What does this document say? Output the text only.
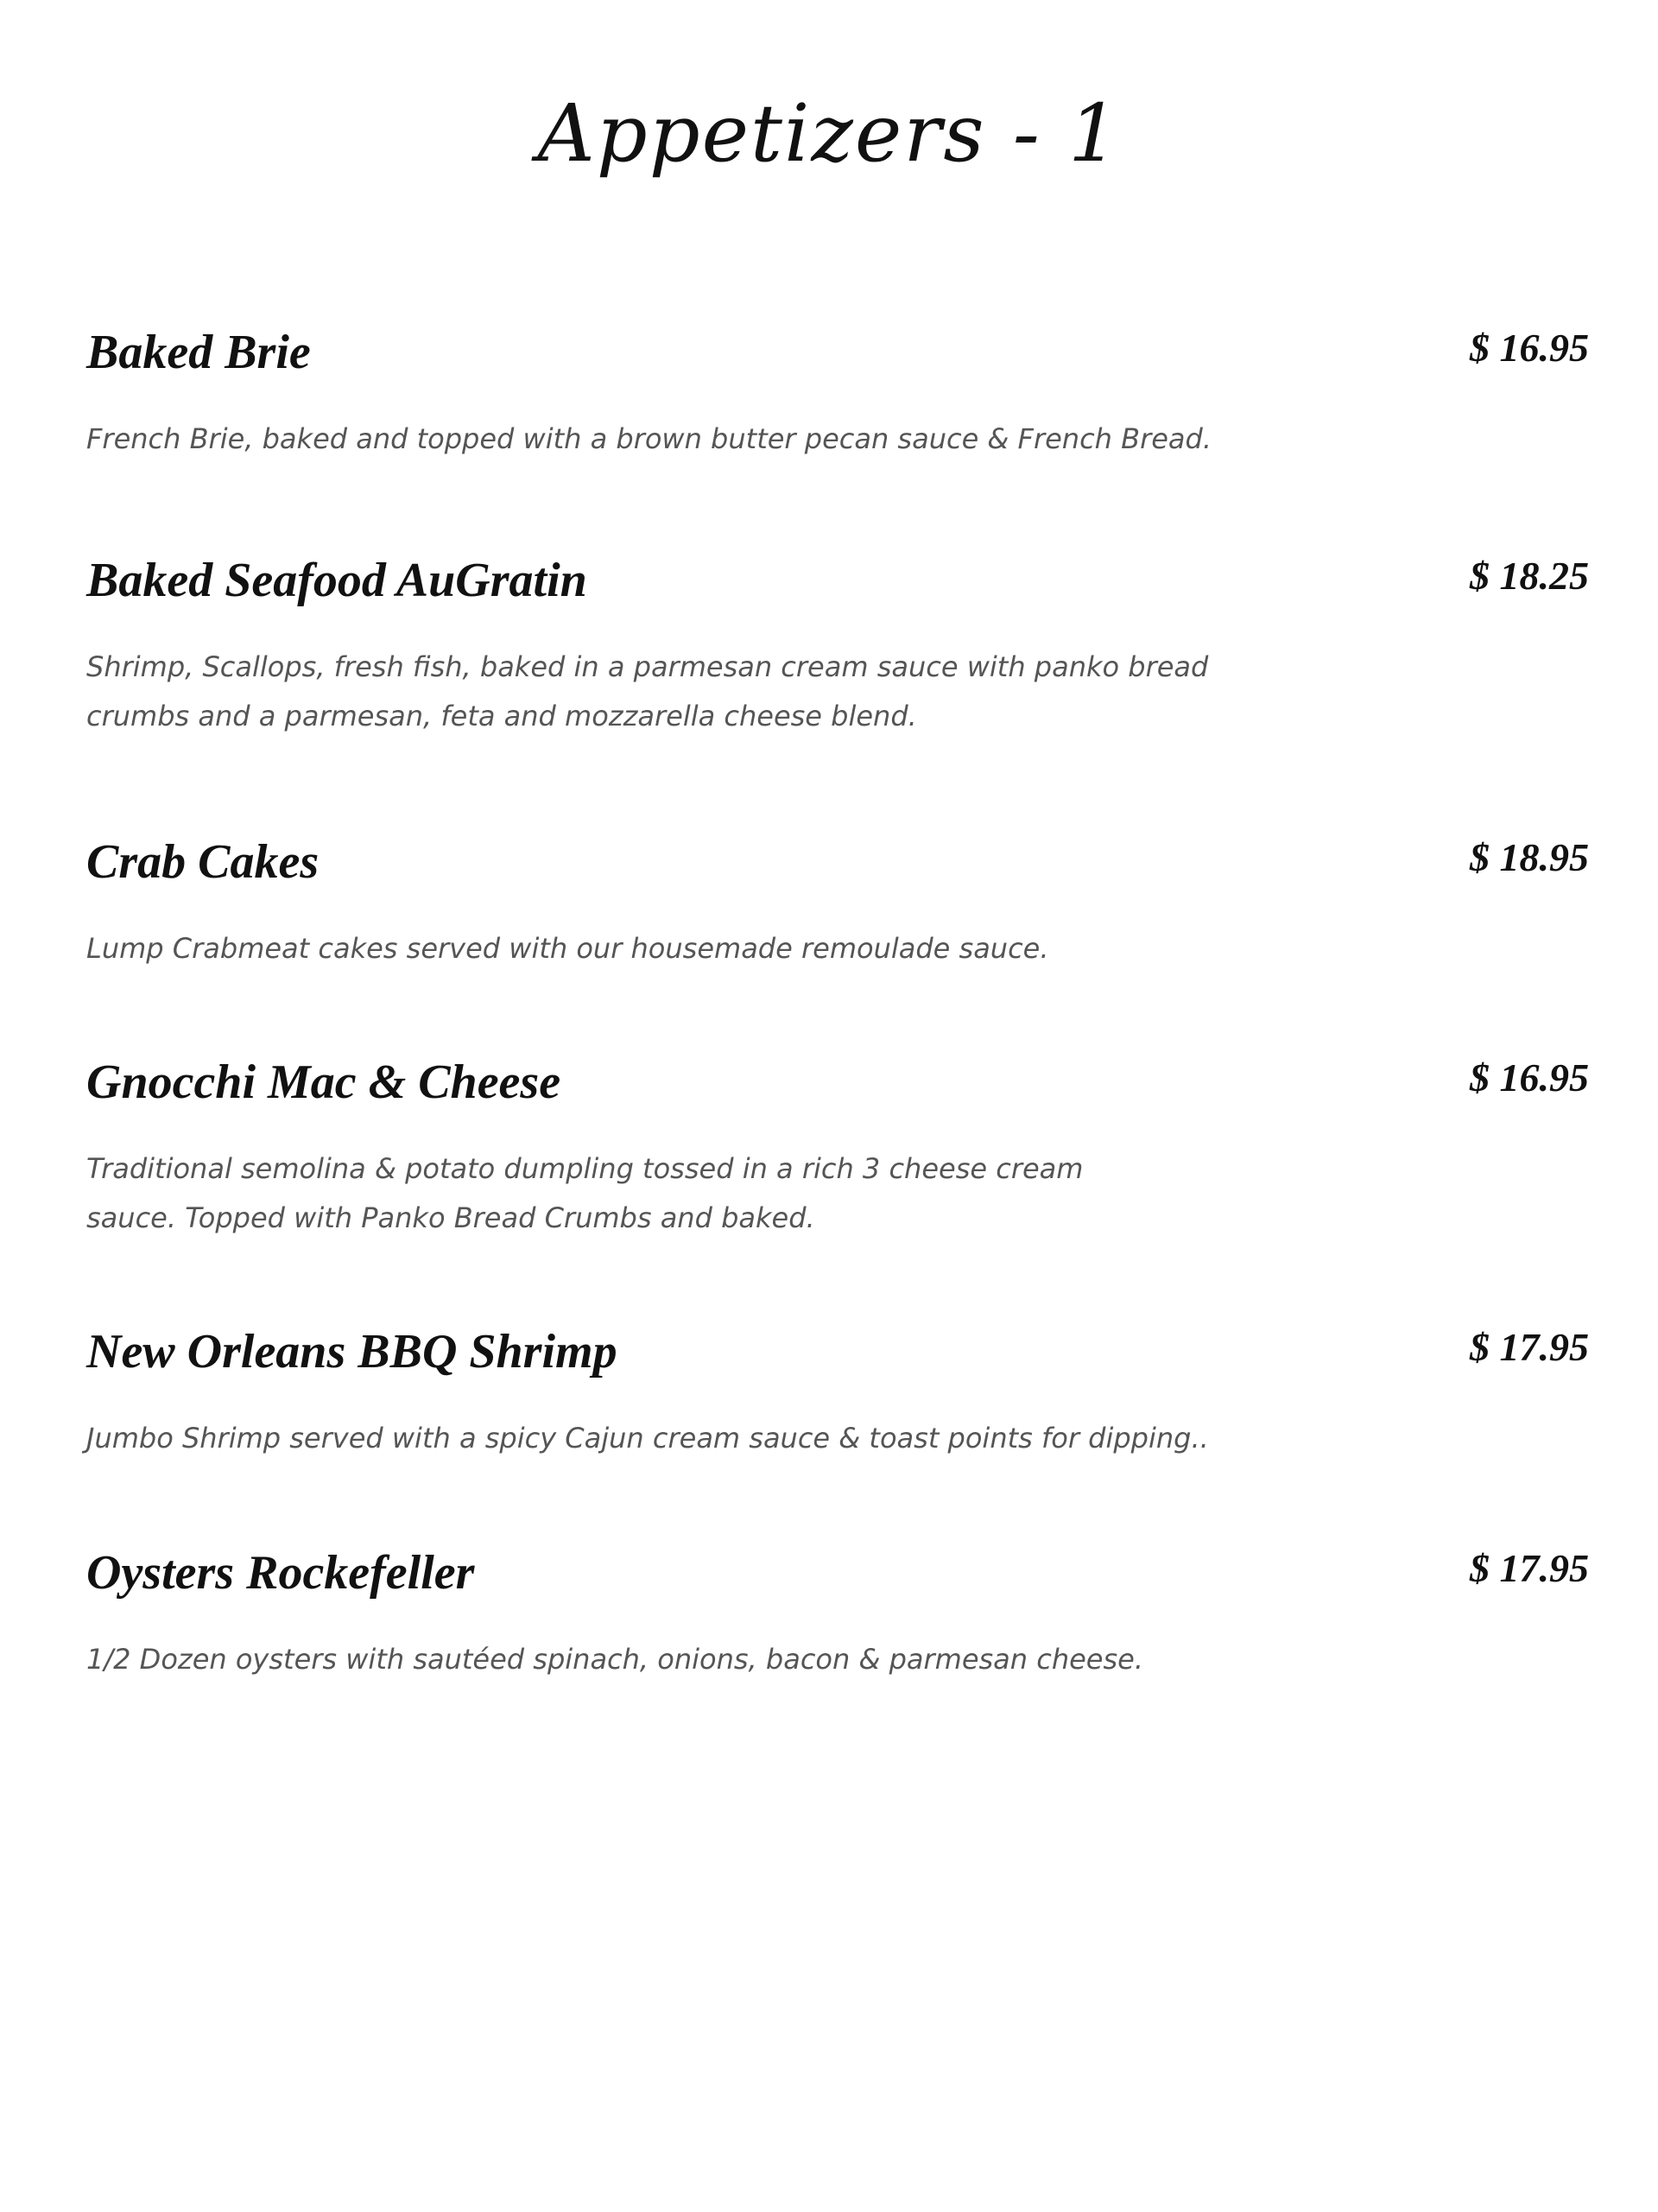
Appetizers - 1
Baked Brie	$ 16.95
French Brie, baked and topped with a brown butter pecan sauce & French Bread.
Baked Seafood AuGratin	$ 18.25
Shrimp, Scallops, fresh fish, baked in a parmesan cream sauce with panko bread
crumbs and a parmesan, feta and mozzarella cheese blend.
Crab Cakes	$ 18.95
Lump Crabmeat cakes served with our housemade remoulade sauce.
Gnocchi Mac & Cheese	$ 16.95
Traditional semolina & potato dumpling tossed in a rich 3 cheese cream
sauce. Topped with Panko Bread Crumbs and baked.
New Orleans BBQ Shrimp	$ 17.95
Jumbo Shrimp served with a spicy Cajun cream sauce & toast points for dipping..
Oysters Rockefeller	$ 17.95
1/2 Dozen oysters with sautéed spinach, onions, bacon & parmesan cheese.
